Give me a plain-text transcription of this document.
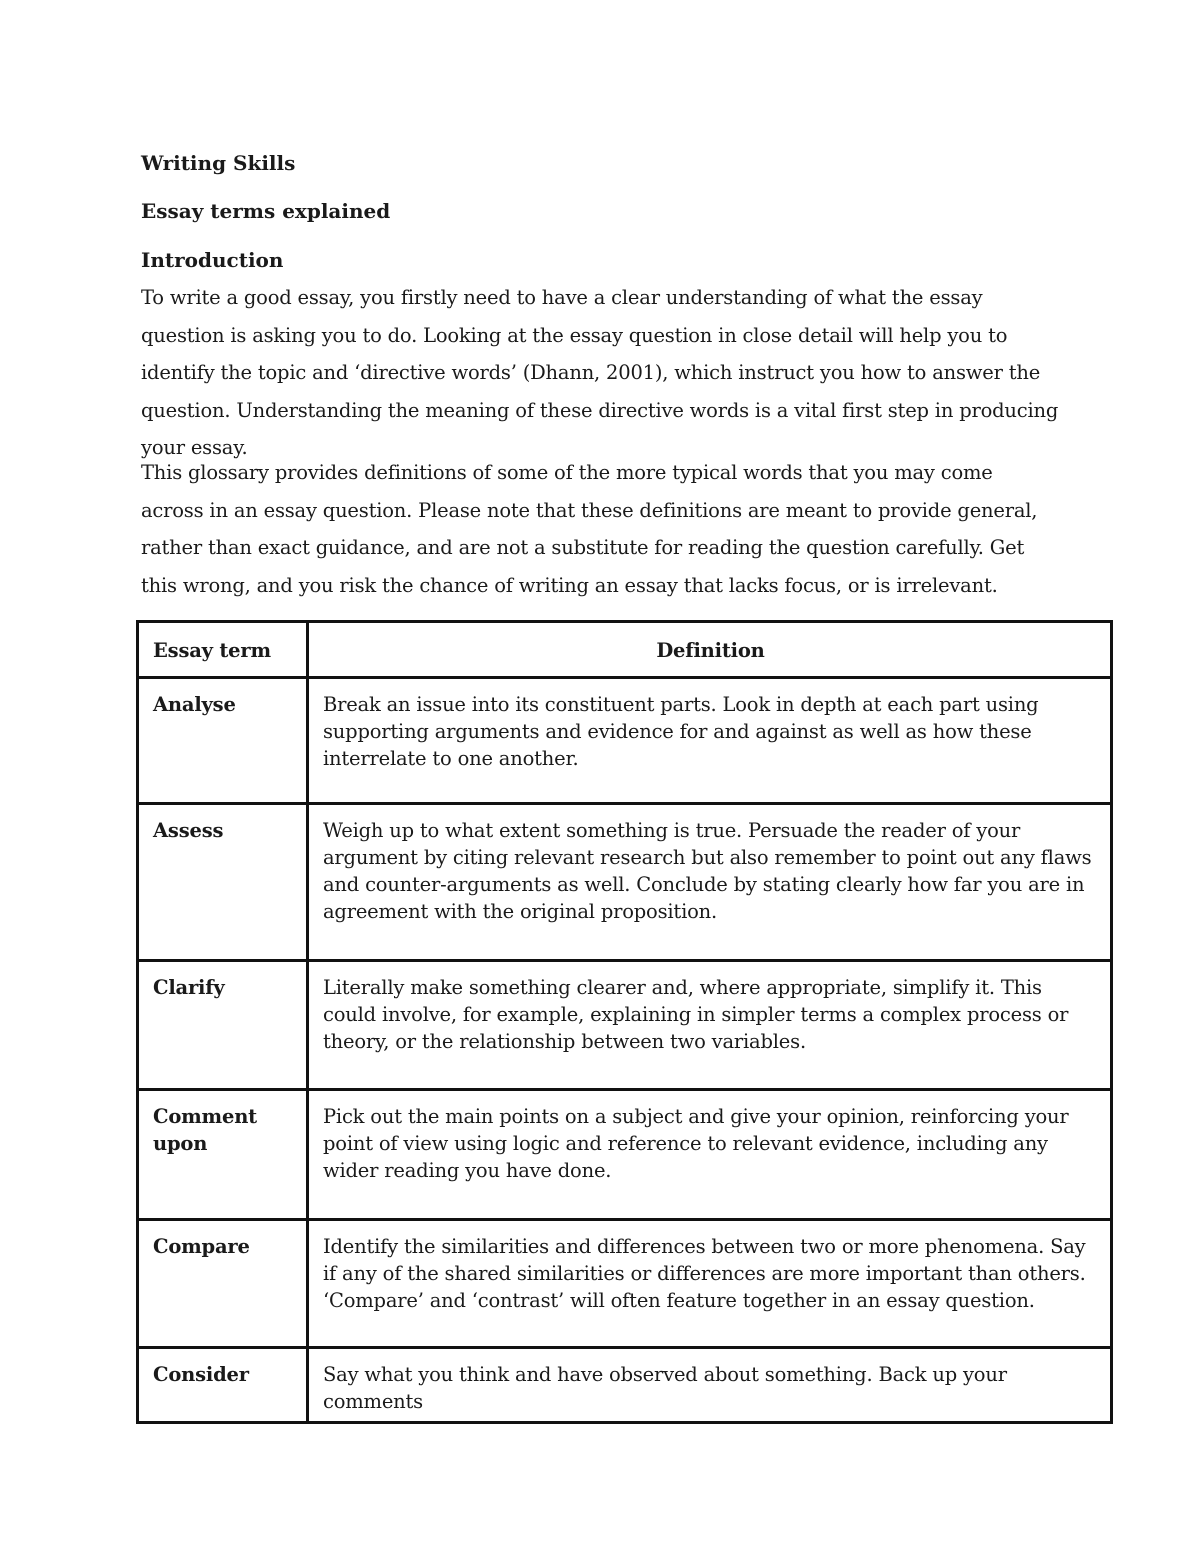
Writing Skills
Essay terms explained
Introduction

To write a good essay, you firstly need to have a clear understanding of what the essay question is asking you to do. Looking at the essay question in close detail will help you to identify the topic and ‘directive words’ (Dhann, 2001), which instruct you how to answer the question. Understanding the meaning of these directive words is a vital first step in producing your essay.

This glossary provides definitions of some of the more typical words that you may come across in an essay question. Please note that these definitions are meant to provide general, rather than exact guidance, and are not a substitute for reading the question carefully. Get this wrong, and you risk the chance of writing an essay that lacks focus, or is irrelevant.

Essay term	Definition
Analyse	Break an issue into its constituent parts. Look in depth at each part using supporting arguments and evidence for and against as well as how these interrelate to one another.
Assess	Weigh up to what extent something is true. Persuade the reader of your argument by citing relevant research but also remember to point out any flaws and counter-arguments as well. Conclude by stating clearly how far you are in agreement with the original proposition.
Clarify	Literally make something clearer and, where appropriate, simplify it. This could involve, for example, explaining in simpler terms a complex process or theory, or the relationship between two variables.
Comment upon	Pick out the main points on a subject and give your opinion, reinforcing your point of view using logic and reference to relevant evidence, including any wider reading you have done.
Compare	Identify the similarities and differences between two or more phenomena. Say if any of the shared similarities or differences are more important than others. ‘Compare’ and ‘contrast’ will often feature together in an essay question.
Consider	Say what you think and have observed about something. Back up your comments
